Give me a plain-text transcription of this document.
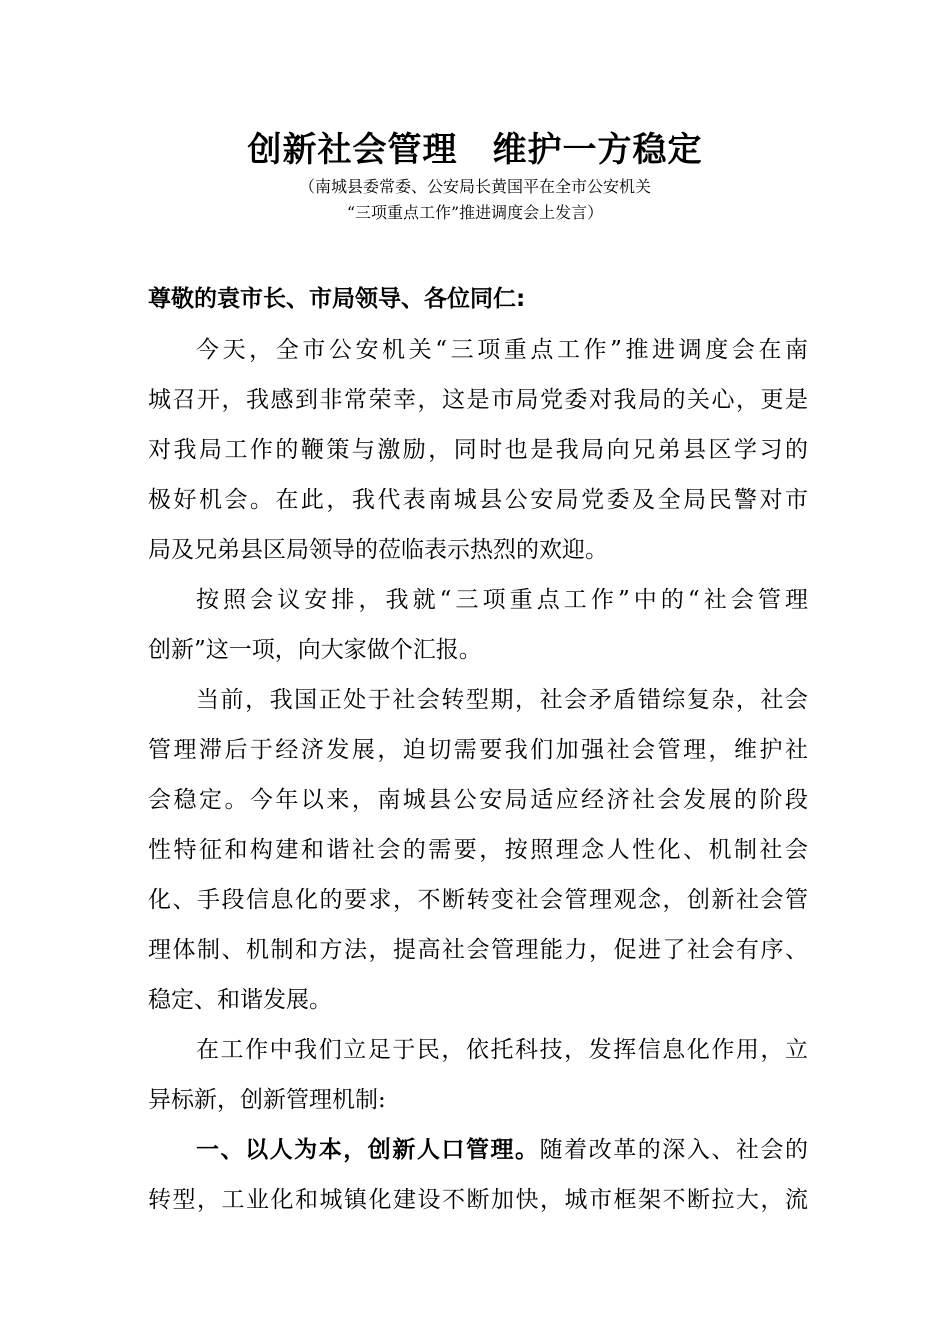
创新社会管理　维护一方稳定
（南城县委常委、公安局长黄国平在全市公安机关
“三项重点工作”推进调度会上发言）
尊敬的袁市长、市局领导、各位同仁:
今天，全市公安机关“三项重点工作”推进调度会在南
城召开，我感到非常荣幸，这是市局党委对我局的关心，更是
对我局工作的鞭策与激励，同时也是我局向兄弟县区学习的
极好机会。在此，我代表南城县公安局党委及全局民警对市
局及兄弟县区局领导的莅临表示热烈的欢迎。
按照会议安排，我就“三项重点工作”中的“社会管理
创新”这一项，向大家做个汇报。
当前，我国正处于社会转型期，社会矛盾错综复杂，社会
管理滞后于经济发展，迫切需要我们加强社会管理，维护社
会稳定。今年以来，南城县公安局适应经济社会发展的阶段
性特征和构建和谐社会的需要，按照理念人性化、机制社会
化、手段信息化的要求，不断转变社会管理观念，创新社会管
理体制、机制和方法，提高社会管理能力，促进了社会有序、
稳定、和谐发展。
在工作中我们立足于民，依托科技，发挥信息化作用，立
异标新，创新管理机制:
一、以人为本，创新人口管理。随着改革的深入、社会的
转型，工业化和城镇化建设不断加快，城市框架不断拉大，流
